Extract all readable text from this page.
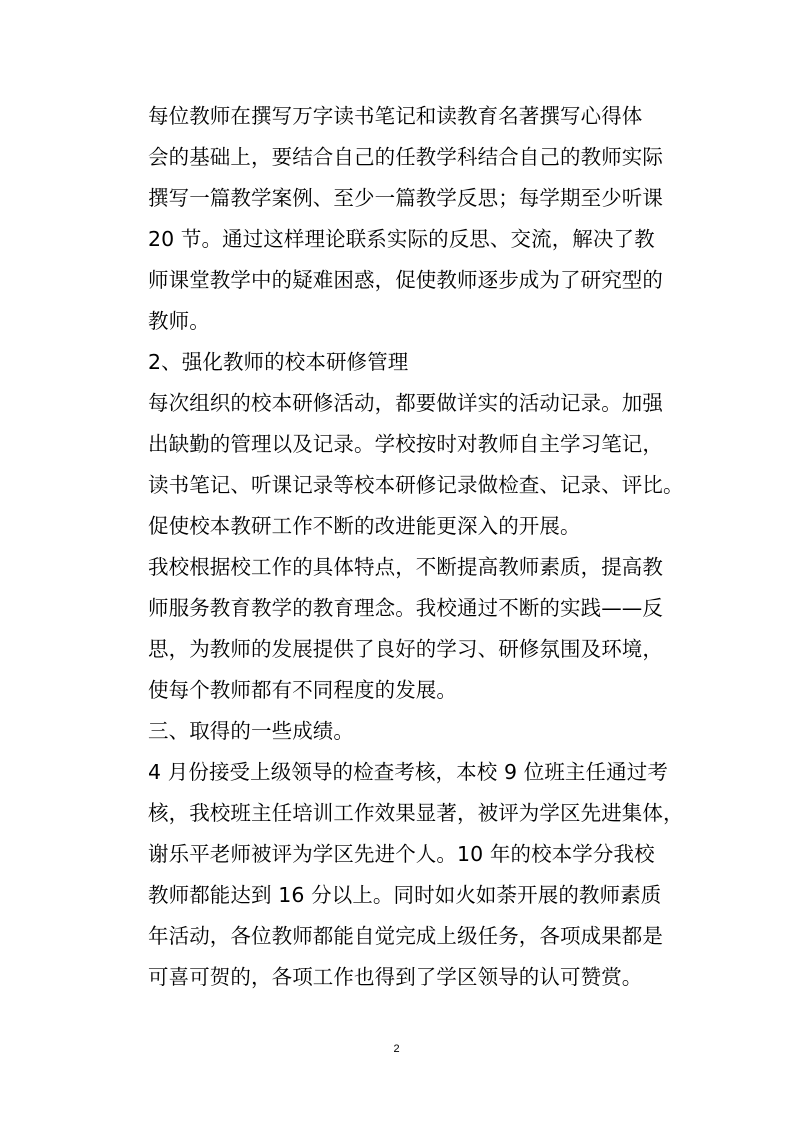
每位教师在撰写万字读书笔记和读教育名著撰写心得体
会的基础上，要结合自己的任教学科结合自己的教师实际
撰写一篇教学案例、至少一篇教学反思；每学期至少听课
20 节。通过这样理论联系实际的反思、交流，解决了教
师课堂教学中的疑难困惑，促使教师逐步成为了研究型的
教师。
2、强化教师的校本研修管理
每次组织的校本研修活动，都要做详实的活动记录。加强
出缺勤的管理以及记录。学校按时对教师自主学习笔记，
读书笔记、听课记录等校本研修记录做检查、记录、评比。
促使校本教研工作不断的改进能更深入的开展。
我校根据校工作的具体特点，不断提高教师素质，提高教
师服务教育教学的教育理念。我校通过不断的实践——反
思，为教师的发展提供了良好的学习、研修氛围及环境，
使每个教师都有不同程度的发展。
三、取得的一些成绩。
4 月份接受上级领导的检查考核，本校 9 位班主任通过考
核，我校班主任培训工作效果显著，被评为学区先进集体，
谢乐平老师被评为学区先进个人。10 年的校本学分我校
教师都能达到 16 分以上。同时如火如荼开展的教师素质
年活动，各位教师都能自觉完成上级任务，各项成果都是
可喜可贺的，各项工作也得到了学区领导的认可赞赏。
2
